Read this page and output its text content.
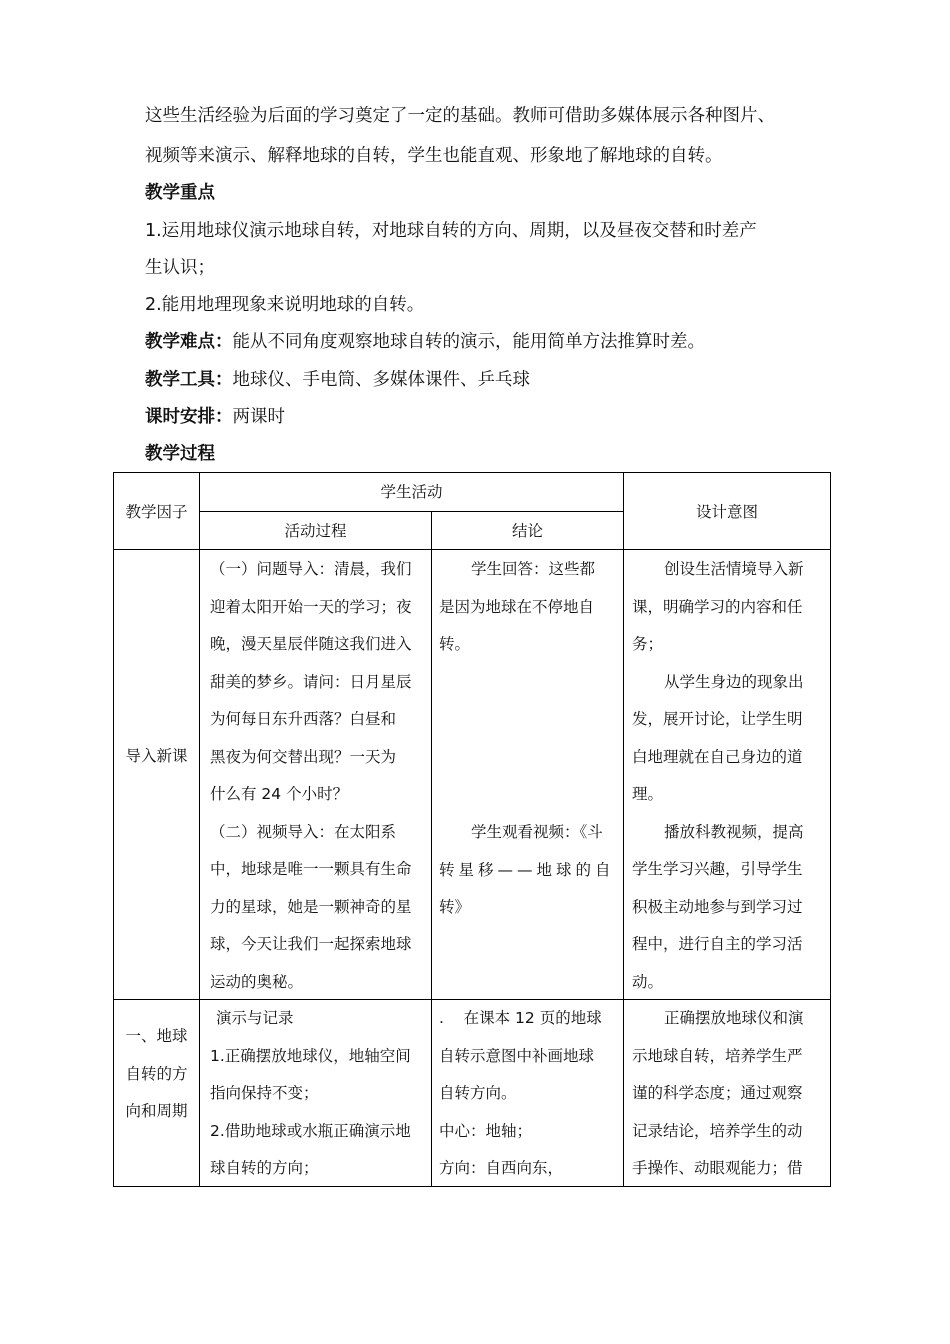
这些生活经验为后面的学习奠定了一定的基础。教师可借助多媒体展示各种图片、
视频等来演示、解释地球的自转，学生也能直观、形象地了解地球的自转。
教学重点
1.运用地球仪演示地球自转，对地球自转的方向、周期，以及昼夜交替和时差产
生认识；
2.能用地理现象来说明地球的自转。
教学难点：能从不同角度观察地球自转的演示，能用简单方法推算时差。
教学工具：地球仪、手电筒、多媒体课件、乒乓球
课时安排：两课时
教学过程
教学因子
学生活动
活动过程	结论
设计意图
导入新课
（一）问题导入：清晨，我们
迎着太阳开始一天的学习；夜
晚，漫天星辰伴随这我们进入
甜美的梦乡。请问：日月星辰
为何每日东升西落？白昼和
黑夜为何交替出现？一天为
什么有 24 个小时？
（二）视频导入：在太阳系
中，地球是唯一一颗具有生命
力的星球，她是一颗神奇的星
球，今天让我们一起探索地球
运动的奥秘。
学生回答：这些都
是因为地球在不停地自
转。
学生观看视频：《斗
转星移——地球的自
转》
创设生活情境导入新
课，明确学习的内容和任
务；
从学生身边的现象出
发，展开讨论，让学生明
白地理就在自己身边的道
理。
播放科教视频，提高
学生学习兴趣，引导学生
积极主动地参与到学习过
程中，进行自主的学习活
动。
一、地球
自转的方
向和周期
演示与记录
1.正确摆放地球仪，地轴空间
指向保持不变；
2.借助地球或水瓶正确演示地
球自转的方向；
.    在课本 12 页的地球
自转示意图中补画地球
自转方向。
中心：地轴；
方向：自西向东，
正确摆放地球仪和演
示地球自转，培养学生严
谨的科学态度；通过观察
记录结论，培养学生的动
手操作、动眼观能力；借
